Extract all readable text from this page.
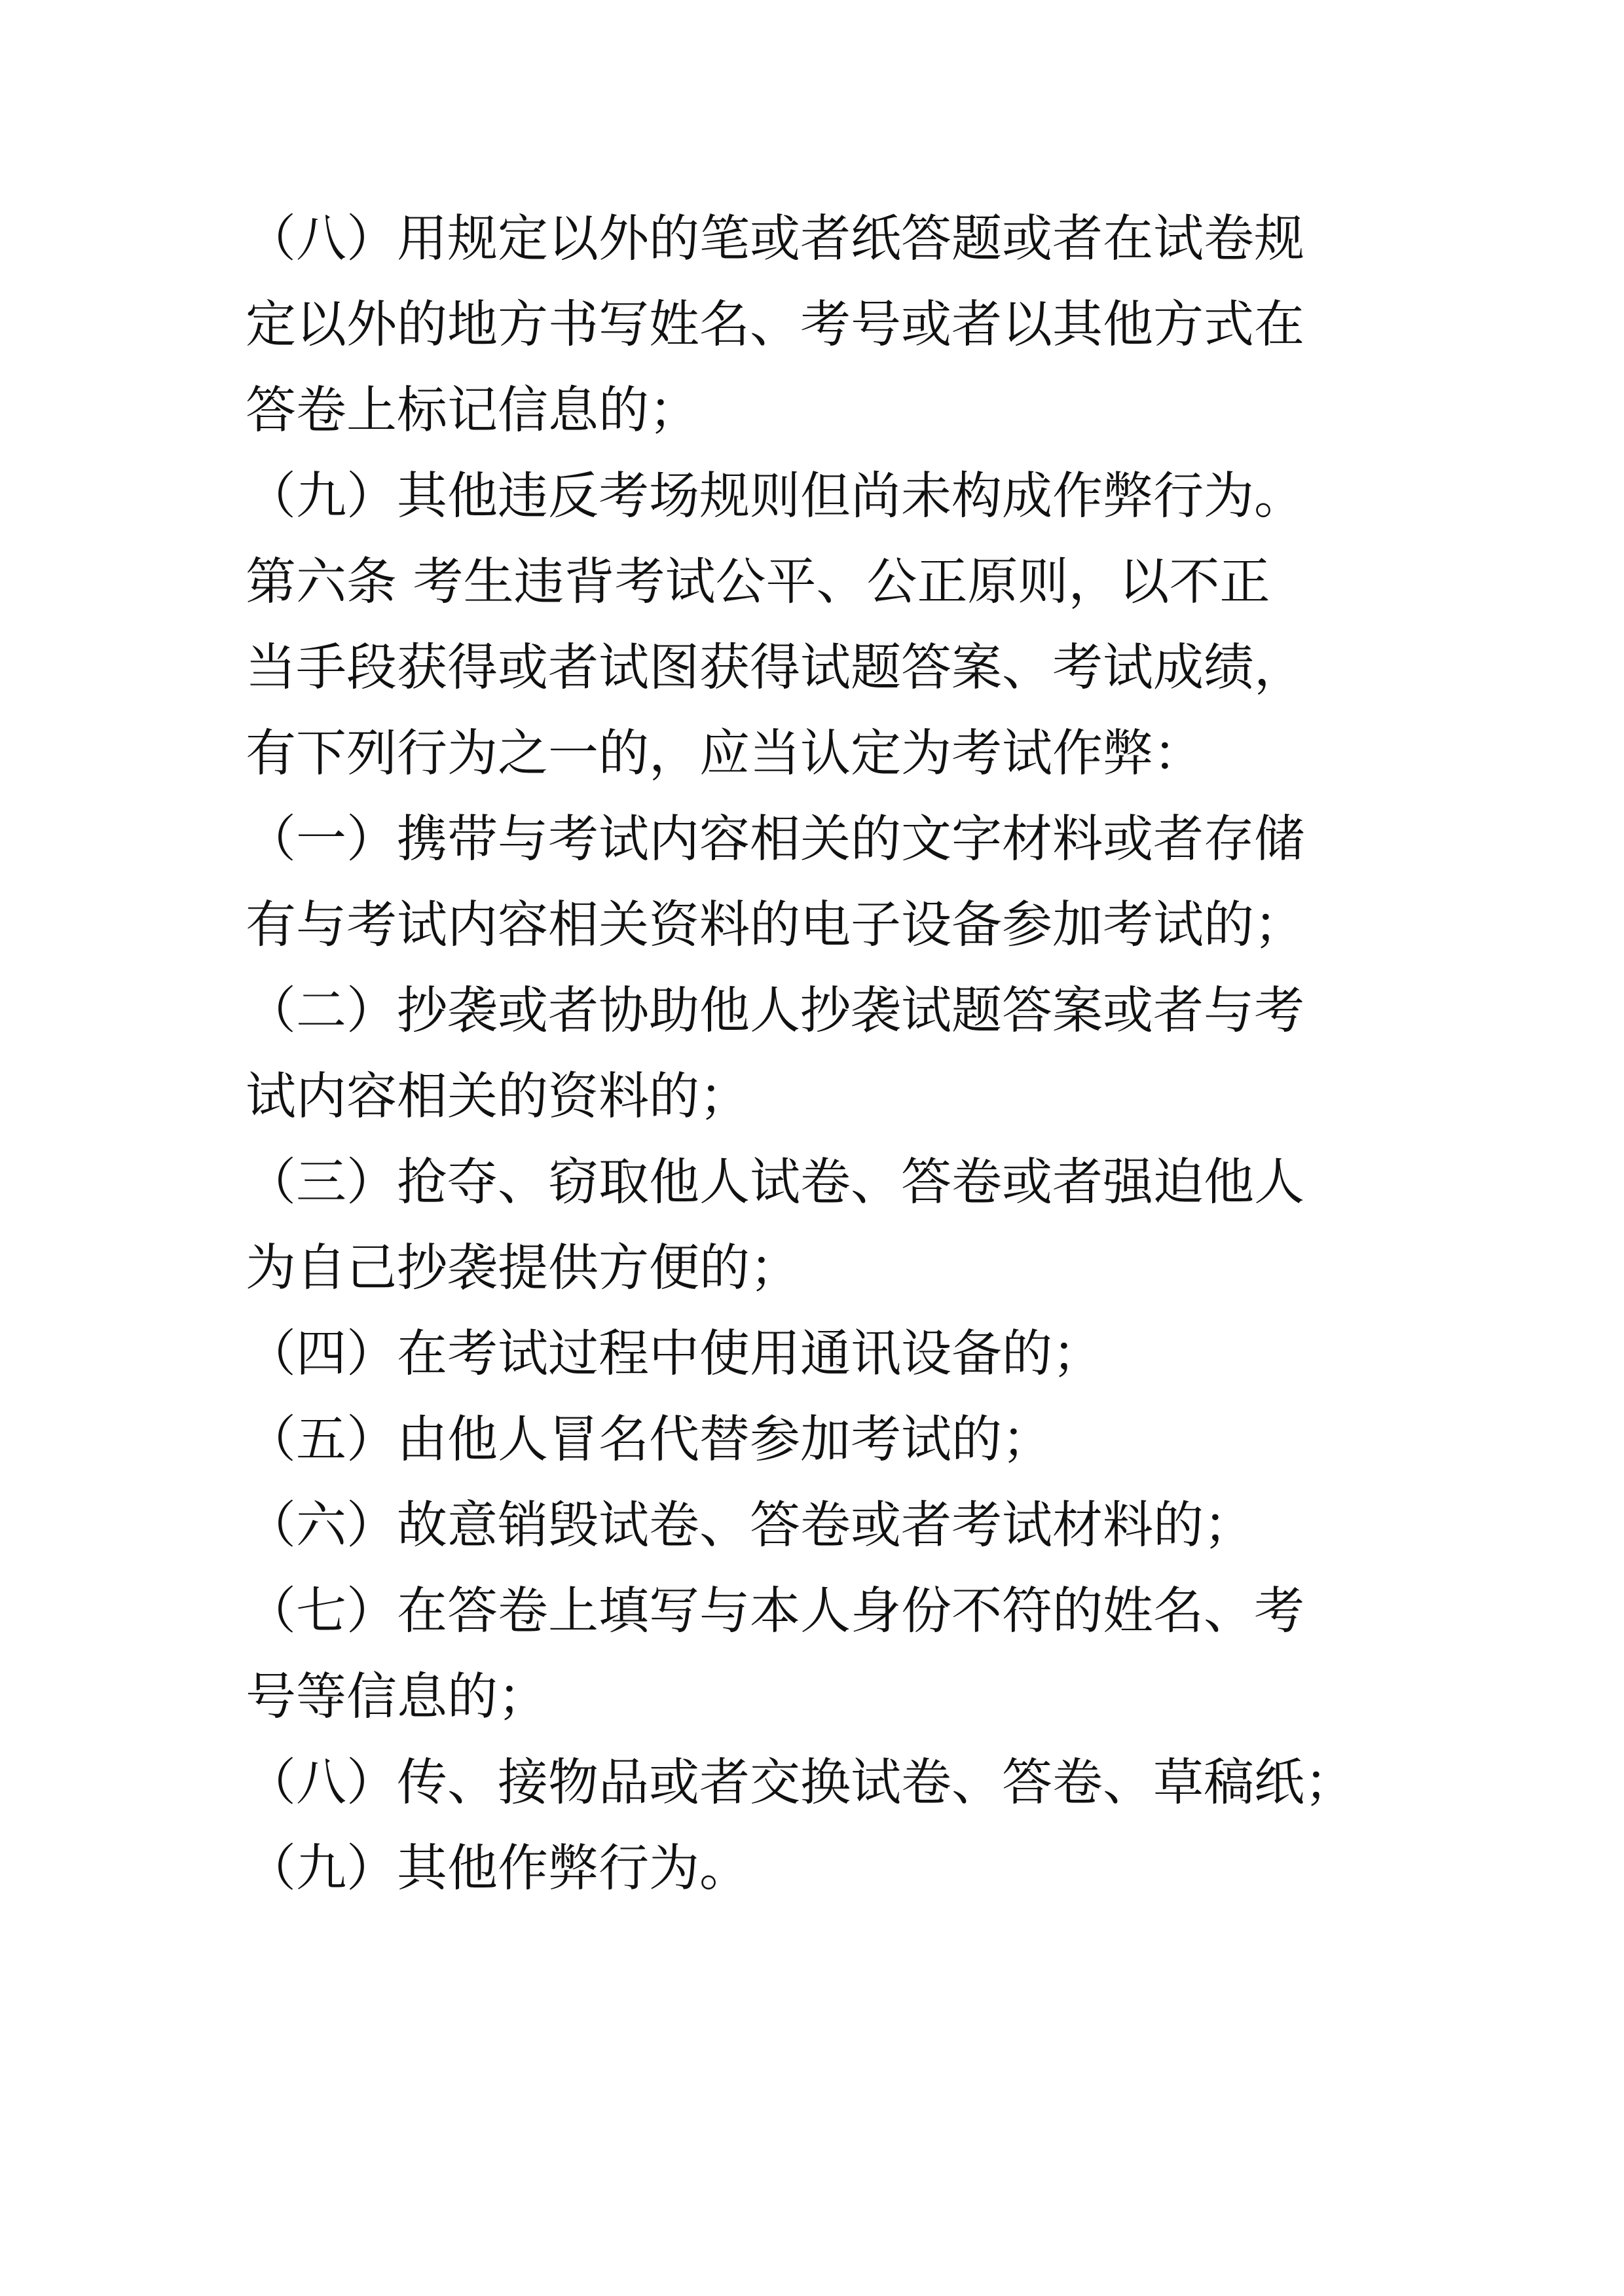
（八）用规定以外的笔或者纸答题或者在试卷规

定以外的地方书写姓名、考号或者以其他方式在

答卷上标记信息的；

（九）其他违反考场规则但尚未构成作弊行为。

第六条 考生违背考试公平、公正原则，以不正

当手段获得或者试图获得试题答案、考试成绩，

有下列行为之一的，应当认定为考试作弊：

（一）携带与考试内容相关的文字材料或者存储

有与考试内容相关资料的电子设备参加考试的；

（二）抄袭或者协助他人抄袭试题答案或者与考

试内容相关的资料的；

（三）抢夺、窃取他人试卷、答卷或者强迫他人

为自己抄袭提供方便的；

（四）在考试过程中使用通讯设备的；

（五）由他人冒名代替参加考试的；

（六）故意销毁试卷、答卷或者考试材料的；

（七）在答卷上填写与本人身份不符的姓名、考

号等信息的；

（八）传、接物品或者交换试卷、答卷、草稿纸；

（九）其他作弊行为。
